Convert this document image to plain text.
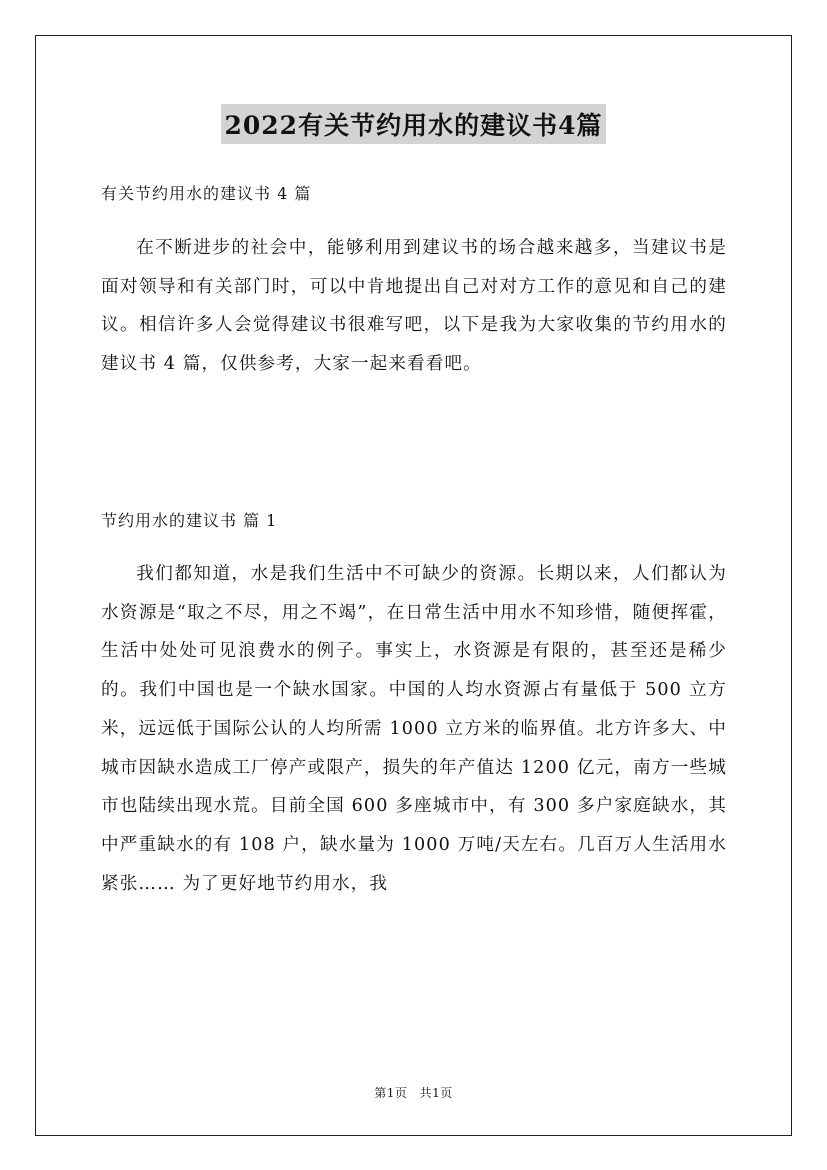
2022有关节约用水的建议书4篇
有关节约用水的建议书 4 篇

在不断进步的社会中，能够利用到建议书的场合越来越多，当建议书是面对领导和有关部门时，可以中肯地提出自己对对方工作的意见和自己的建议。相信许多人会觉得建议书很难写吧，以下是我为大家收集的节约用水的建议书 4 篇，仅供参考，大家一起来看看吧。

节约用水的建议书 篇 1

我们都知道，水是我们生活中不可缺少的资源。长期以来，人们都认为水资源是“取之不尽，用之不竭”，在日常生活中用水不知珍惜，随便挥霍，生活中处处可见浪费水的例子。事实上，水资源是有限的，甚至还是稀少的。我们中国也是一个缺水国家。中国的人均水资源占有量低于 500 立方米，远远低于国际公认的人均所需 1000 立方米的临界值。北方许多大、中城市因缺水造成工厂停产或限产，损失的年产值达 1200 亿元，南方一些城市也陆续出现水荒。目前全国 600 多座城市中，有 300 多户家庭缺水，其中严重缺水的有 108 户，缺水量为 1000 万吨/天左右。几百万人生活用水紧张…… 为了更好地节约用水，我

第1页 共1页
